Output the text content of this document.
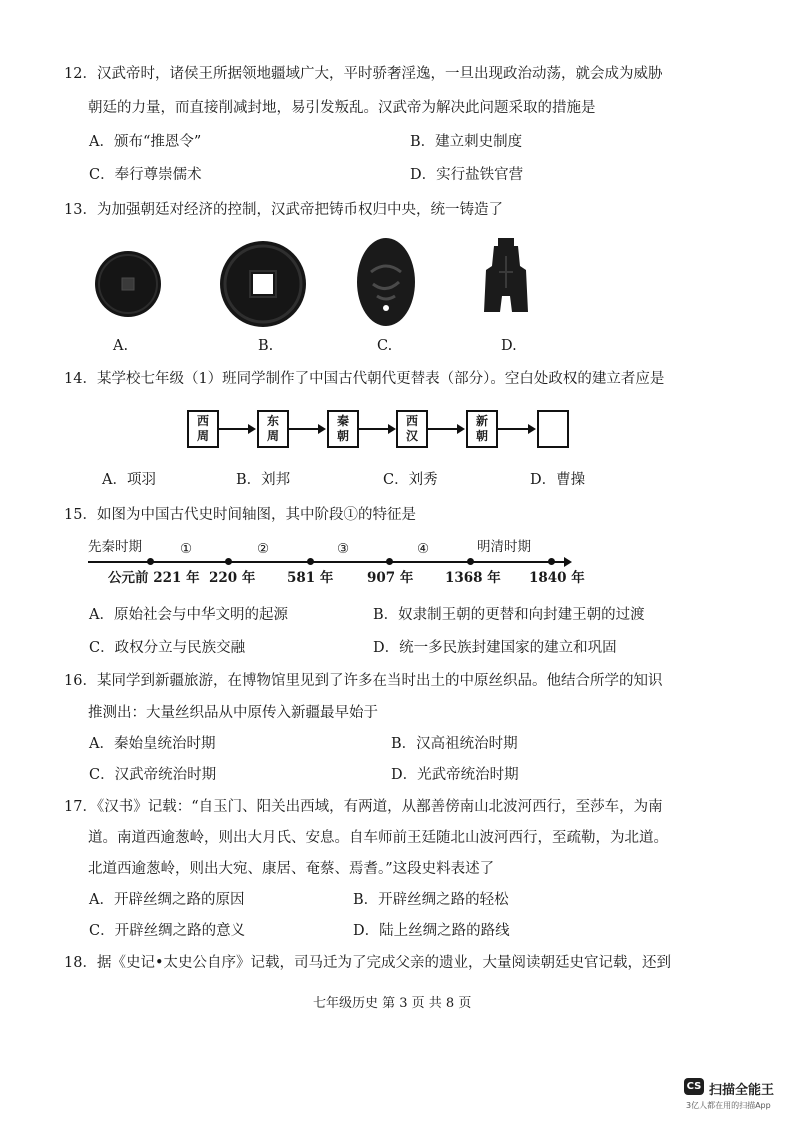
12．汉武帝时，诸侯王所据领地疆域广大，平时骄奢淫逸，一旦出现政治动荡，就会成为威胁
朝廷的力量，而直接削减封地，易引发叛乱。汉武帝为解决此问题采取的措施是
A．颁布“推恩令”	B．建立刺史制度
C．奉行尊崇儒术	D．实行盐铁官营
13．为加强朝廷对经济的控制，汉武帝把铸币权归中央，统一铸造了
A.	B.	C.	D.
14．某学校七年级（1）班同学制作了中国古代朝代更替表（部分）。空白处政权的建立者应是
西周
东周
秦朝
西汉
新朝
A．项羽	B．刘邦	C．刘秀	D．曹操
15．如图为中国古代史时间轴图，其中阶段①的特征是
先秦时期	①	②	③	④	明清时期
公元前 221 年 220 年 581 年 907 年 1368 年 1840 年
A．原始社会与中华文明的起源	B．奴隶制王朝的更替和向封建王朝的过渡
C．政权分立与民族交融	D．统一多民族封建国家的建立和巩固
16．某同学到新疆旅游，在博物馆里见到了许多在当时出土的中原丝织品。他结合所学的知识
推测出：大量丝织品从中原传入新疆最早始于
A．秦始皇统治时期	B．汉高祖统治时期
C．汉武帝统治时期	D．光武帝统治时期
17．《汉书》记载：“自玉门、阳关出西域，有两道，从鄯善傍南山北波河西行，至莎车，为南
道。南道西逾葱岭，则出大月氏、安息。自车师前王廷随北山波河西行，至疏勒，为北道。
北道西逾葱岭，则出大宛、康居、奄蔡、焉耆。”这段史料表述了
A．开辟丝绸之路的原因	B．开辟丝绸之路的轻松
C．开辟丝绸之路的意义	D．陆上丝绸之路的路线
18．据《史记•太史公自序》记载，司马迁为了完成父亲的遗业，大量阅读朝廷史官记载，还到
七年级历史 第 3 页 共 8 页
CS 扫描全能王
3亿人都在用的扫描App
